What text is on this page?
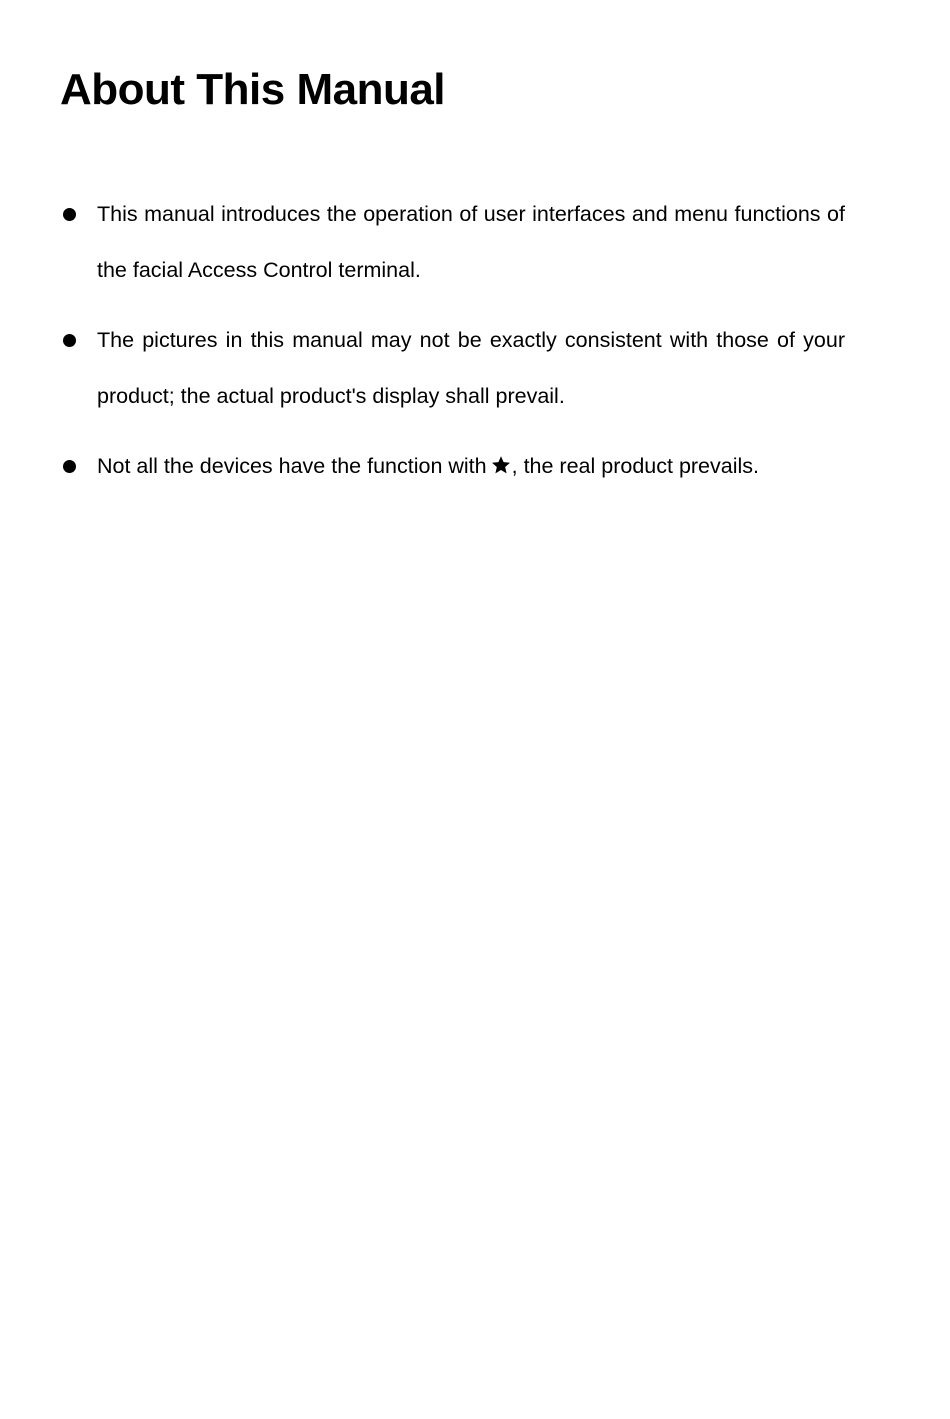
About This Manual
This manual introduces the operation of user interfaces and menu functions of the facial Access Control terminal.
The pictures in this manual may not be exactly consistent with those of your product; the actual product's display shall prevail.
Not all the devices have the function with , the real product prevails.
